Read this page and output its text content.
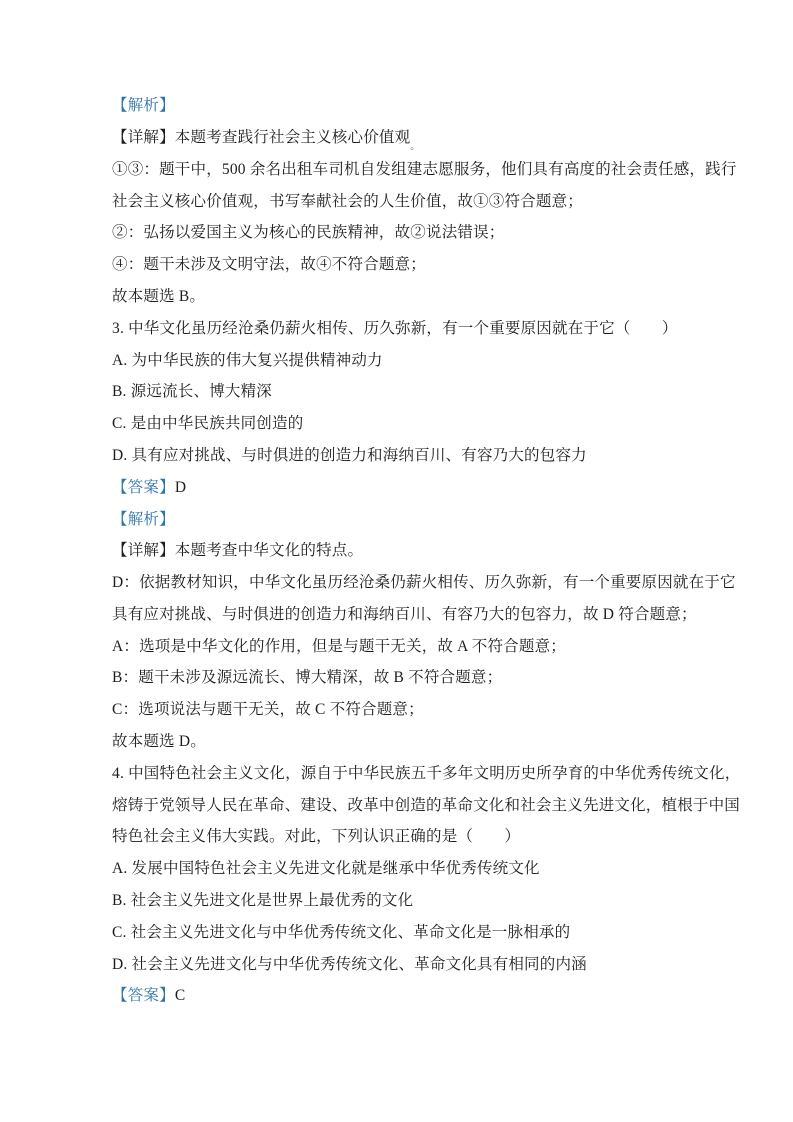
【解析】
【详解】本题考查践行社会主义核心价值观 。
①③：题干中，500 余名出租车司机自发组建志愿服务，他们具有高度的社会责任感，践行
社会主义核心价值观，书写奉献社会的人生价值，故①③符合题意；
②：弘扬以爱国主义为核心的民族精神，故②说法错误；
④：题干未涉及文明守法，故④不符合题意；
故本题选 B。
3. 中华文化虽历经沧桑仍薪火相传、历久弥新，有一个重要原因就在于它（　　）
A. 为中华民族的伟大复兴提供精神动力
B. 源远流长、博大精深
C. 是由中华民族共同创造的
D. 具有应对挑战、与时俱进的创造力和海纳百川、有容乃大的包容力
【答案】 D
【解析】
【详解】本题考查中华文化的特点。
D：依据教材知识，中华文化虽历经沧桑仍薪火相传、历久弥新，有一个重要原因就在于它
具有应对挑战、与时俱进的创造力和海纳百川、有容乃大的包容力，故 D 符合题意；
A：选项是中华文化的作用，但是与题干无关，故 A 不符合题意；
B：题干未涉及源远流长、博大精深，故 B 不符合题意；
C：选项说法与题干无关，故 C 不符合题意；
故本题选 D。
4. 中国特色社会主义文化，源自于中华民族五千多年文明历史所孕育的中华优秀传统文化，
熔铸于党领导人民在革命、建设、改革中创造的革命文化和社会主义先进文化，植根于中国
特色社会主义伟大实践。对此，下列认识正确的是（　　）
A. 发展中国特色社会主义先进文化就是继承中华优秀传统文化
B. 社会主义先进文化是世界上最优秀的文化
C. 社会主义先进文化与中华优秀传统文化、革命文化是一脉相承的
D. 社会主义先进文化与中华优秀传统文化、革命文化具有相同的内涵
【答案】 C
